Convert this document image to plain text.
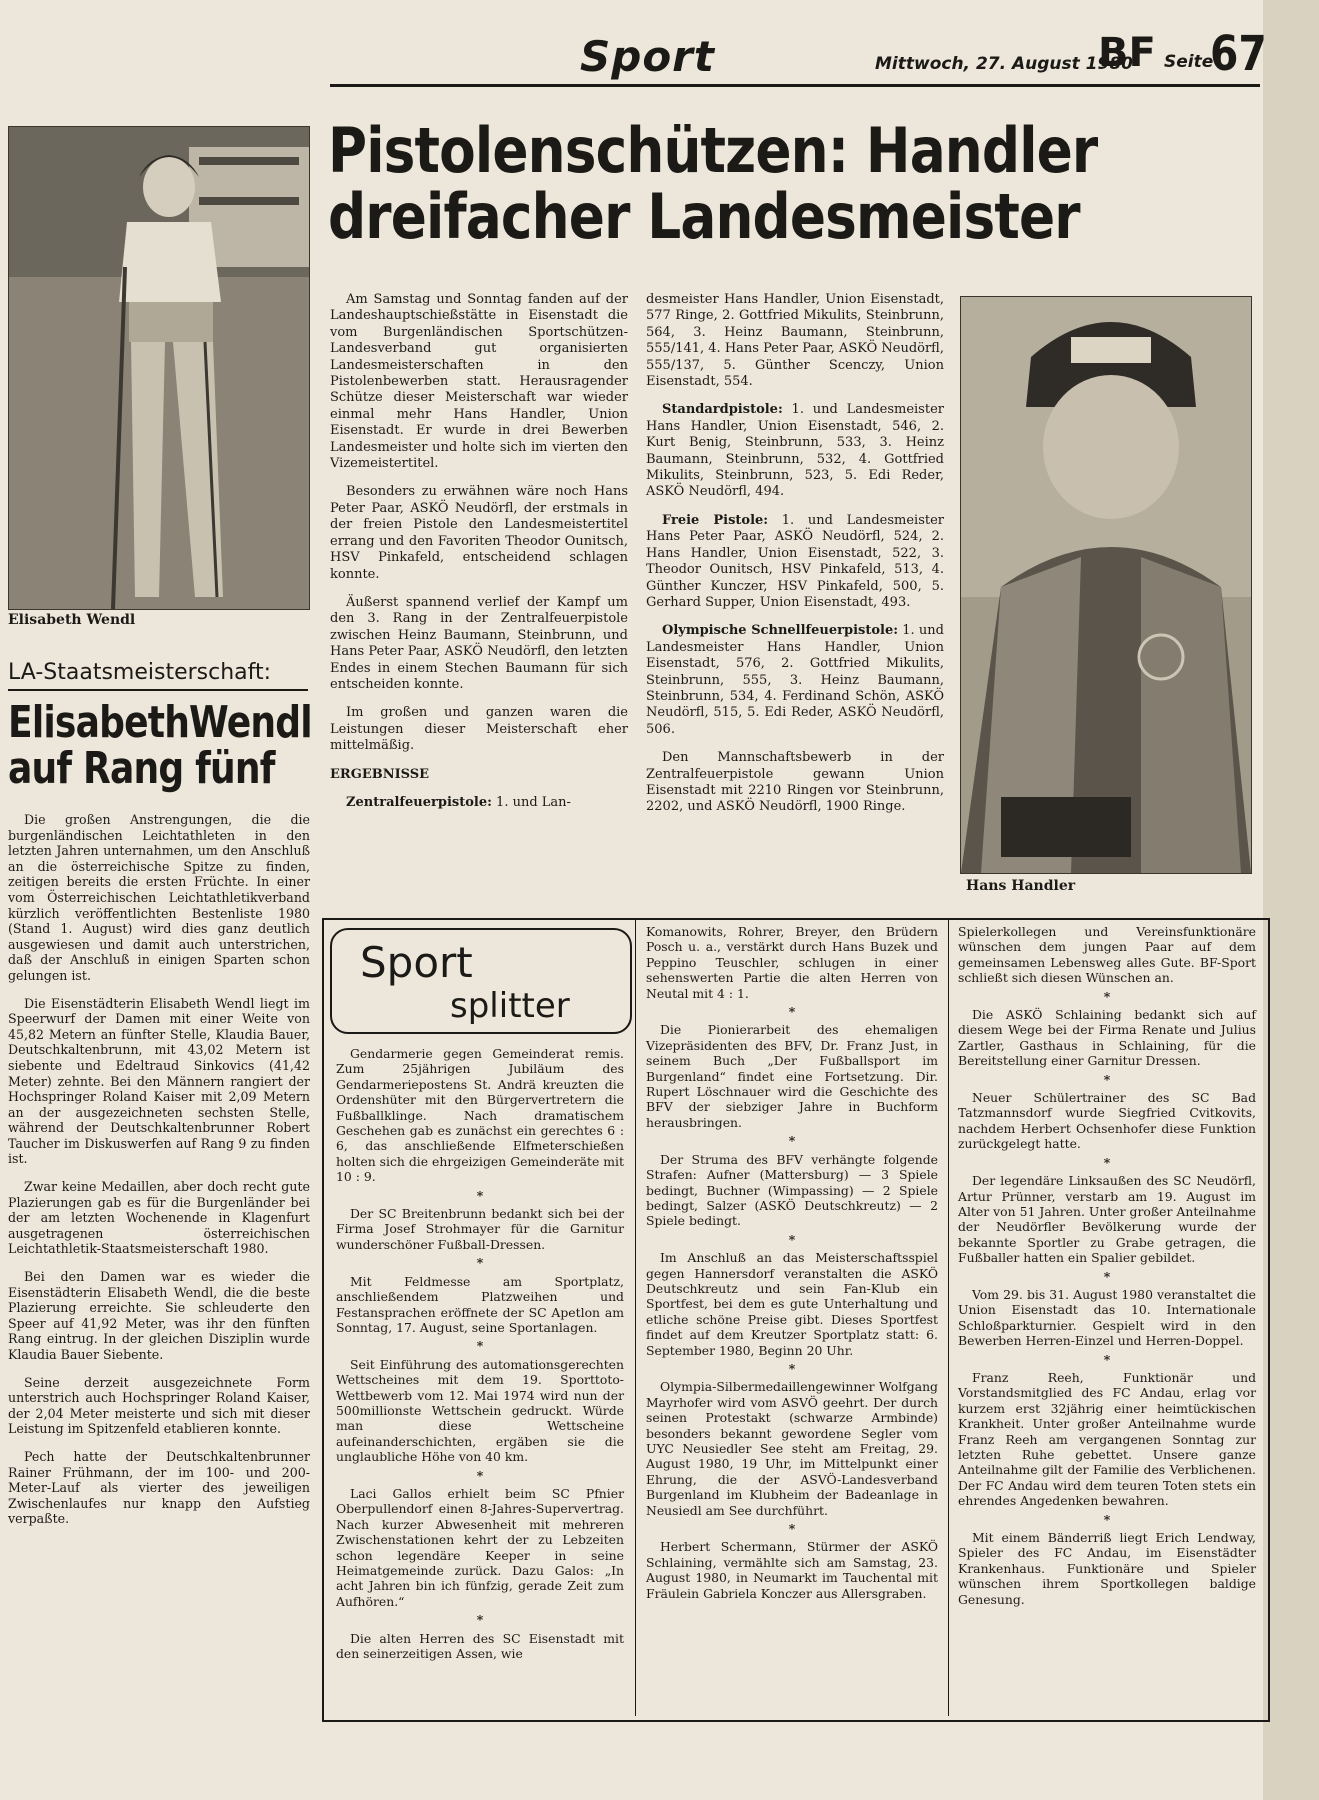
Sport	Mittwoch, 27. August 1980
BF Seite
67
Elisabeth Wendl
Pistolenschützen: Handler
dreifacher Landesmeister

Am Samstag und Sonntag fanden auf der Landeshauptschießstätte in Eisenstadt die vom Burgenländischen Sportschützen-Landesverband gut organisierten Landesmeisterschaften in den Pistolenbewerben statt. Herausragender Schütze dieser Meisterschaft war wieder einmal mehr Hans Handler, Union Eisenstadt. Er wurde in drei Bewerben Landesmeister und holte sich im vierten den Vizemeistertitel.

Besonders zu erwähnen wäre noch Hans Peter Paar, ASKÖ Neudörfl, der erstmals in der freien Pistole den Landesmeistertitel errang und den Favoriten Theodor Ounitsch, HSV Pinkafeld, entscheidend schlagen konnte.

Äußerst spannend verlief der Kampf um den 3. Rang in der Zentralfeuerpistole zwischen Heinz Baumann, Steinbrunn, und Hans Peter Paar, ASKÖ Neudörfl, den letzten Endes in einem Stechen Baumann für sich entscheiden konnte.

Im großen und ganzen waren die Leistungen dieser Meisterschaft eher mittelmäßig.

ERGEBNISSE

Zentralfeuerpistole: 1. und Lan-

desmeister Hans Handler, Union Eisenstadt, 577 Ringe, 2. Gottfried Mikulits, Steinbrunn, 564, 3. Heinz Baumann, Steinbrunn, 555/141, 4. Hans Peter Paar, ASKÖ Neudörfl, 555/137, 5. Günther Scenczy, Union Eisenstadt, 554.

Standardpistole: 1. und Landesmeister Hans Handler, Union Eisenstadt, 546, 2. Kurt Benig, Steinbrunn, 533, 3. Heinz Baumann, Steinbrunn, 532, 4. Gottfried Mikulits, Steinbrunn, 523, 5. Edi Reder, ASKÖ Neudörfl, 494.

Freie Pistole: 1. und Landesmeister Hans Peter Paar, ASKÖ Neudörfl, 524, 2. Hans Handler, Union Eisenstadt, 522, 3. Theodor Ounitsch, HSV Pinkafeld, 513, 4. Günther Kunczer, HSV Pinkafeld, 500, 5. Gerhard Supper, Union Eisenstadt, 493.

Olympische Schnellfeuerpistole: 1. und Landesmeister Hans Handler, Union Eisenstadt, 576, 2. Gottfried Mikulits, Steinbrunn, 555, 3. Heinz Baumann, Steinbrunn, 534, 4. Ferdinand Schön, ASKÖ Neudörfl, 515, 5. Edi Reder, ASKÖ Neudörfl, 506.

Den Mannschaftsbewerb in der Zentralfeuerpistole gewann Union Eisenstadt mit 2210 Ringen vor Steinbrunn, 2202, und ASKÖ Neudörfl, 1900 Ringe.

Hans Handler
LA-Staatsmeisterschaft:
ElisabethWendl
auf Rang fünf

Die großen Anstrengungen, die die burgenländischen Leichtathleten in den letzten Jahren unternahmen, um den Anschluß an die österreichische Spitze zu finden, zeitigen bereits die ersten Früchte. In einer vom Österreichischen Leichtathletikverband kürzlich veröffentlichten Bestenliste 1980 (Stand 1. August) wird dies ganz deutlich ausgewiesen und damit auch unterstrichen, daß der Anschluß in einigen Sparten schon gelungen ist.

Die Eisenstädterin Elisabeth Wendl liegt im Speerwurf der Damen mit einer Weite von 45,82 Metern an fünfter Stelle, Klaudia Bauer, Deutschkaltenbrunn, mit 43,02 Metern ist siebente und Edeltraud Sinkovics (41,42 Meter) zehnte. Bei den Männern rangiert der Hochspringer Roland Kaiser mit 2,09 Metern an der ausgezeichneten sechsten Stelle, während der Deutschkaltenbrunner Robert Taucher im Diskuswerfen auf Rang 9 zu finden ist.

Zwar keine Medaillen, aber doch recht gute Plazierungen gab es für die Burgenländer bei der am letzten Wochenende in Klagenfurt ausgetragenen österreichischen Leichtathletik-Staatsmeisterschaft 1980.

Bei den Damen war es wieder die Eisenstädterin Elisabeth Wendl, die die beste Plazierung erreichte. Sie schleuderte den Speer auf 41,92 Meter, was ihr den fünften Rang eintrug. In der gleichen Disziplin wurde Klaudia Bauer Siebente.

Seine derzeit ausgezeichnete Form unterstrich auch Hochspringer Roland Kaiser, der 2,04 Meter meisterte und sich mit dieser Leistung im Spitzenfeld etablieren konnte.

Pech hatte der Deutschkaltenbrunner Rainer Frühmann, der im 100- und 200- Meter-Lauf als vierter des jeweiligen Zwischenlaufes nur knapp den Aufstieg verpaßte.

Sport
splitter

Gendarmerie gegen Gemeinderat remis. Zum 25jährigen Jubiläum des Gendarmeriepostens St. Andrä kreuzten die Ordenshüter mit den Bürgervertretern die Fußballklinge. Nach dramatischem Geschehen gab es zunächst ein gerechtes 6 : 6, das anschließende Elfmeterschießen holten sich die ehrgeizigen Gemeinderäte mit 10 : 9.

*

Der SC Breitenbrunn bedankt sich bei der Firma Josef Strohmayer für die Garnitur wunderschöner Fußball-Dressen.

*

Mit Feldmesse am Sportplatz, anschließendem Platzweihen und Festansprachen eröffnete der SC Apetlon am Sonntag, 17. August, seine Sportanlagen.

*

Seit Einführung des automationsgerechten Wettscheines mit dem 19. Sporttoto-Wettbewerb vom 12. Mai 1974 wird nun der 500millionste Wettschein gedruckt. Würde man diese Wettscheine aufeinanderschichten, ergäben sie die unglaubliche Höhe von 40 km.

*

Laci Gallos erhielt beim SC Pfnier Oberpullendorf einen 8-Jahres-Supervertrag. Nach kurzer Abwesenheit mit mehreren Zwischenstationen kehrt der zu Lebzeiten schon legendäre Keeper in seine Heimatgemeinde zurück. Dazu Galos: „In acht Jahren bin ich fünfzig, gerade Zeit zum Aufhören.“

*

Die alten Herren des SC Eisenstadt mit den seinerzeitigen Assen, wie

Komanowits, Rohrer, Breyer, den Brüdern Posch u. a., verstärkt durch Hans Buzek und Peppino Teuschler, schlugen in einer sehenswerten Partie die alten Herren von Neutal mit 4 : 1.

*

Die Pionierarbeit des ehemaligen Vizepräsidenten des BFV, Dr. Franz Just, in seinem Buch „Der Fußballsport im Burgenland“ findet eine Fortsetzung. Dir. Rupert Löschnauer wird die Geschichte des BFV der siebziger Jahre in Buchform herausbringen.

*

Der Struma des BFV verhängte folgende Strafen: Aufner (Mattersburg) — 3 Spiele bedingt, Buchner (Wimpassing) — 2 Spiele bedingt, Salzer (ASKÖ Deutschkreutz) — 2 Spiele bedingt.

*

Im Anschluß an das Meisterschaftsspiel gegen Hannersdorf veranstalten die ASKÖ Deutschkreutz und sein Fan-Klub ein Sportfest, bei dem es gute Unterhaltung und etliche schöne Preise gibt. Dieses Sportfest findet auf dem Kreutzer Sportplatz statt: 6. September 1980, Beginn 20 Uhr.

*

Olympia-Silbermedaillengewinner Wolfgang Mayrhofer wird vom ASVÖ geehrt. Der durch seinen Protestakt (schwarze Armbinde) besonders bekannt gewordene Segler vom UYC Neusiedler See steht am Freitag, 29. August 1980, 19 Uhr, im Mittelpunkt einer Ehrung, die der ASVÖ-Landesverband Burgenland im Klubheim der Badeanlage in Neusiedl am See durchführt.

*

Herbert Schermann, Stürmer der ASKÖ Schlaining, vermählte sich am Samstag, 23. August 1980, in Neumarkt im Tauchental mit Fräulein Gabriela Konczer aus Allersgraben.

Spielerkollegen und Vereinsfunktionäre wünschen dem jungen Paar auf dem gemeinsamen Lebensweg alles Gute. BF-Sport schließt sich diesen Wünschen an.

*

Die ASKÖ Schlaining bedankt sich auf diesem Wege bei der Firma Renate und Julius Zartler, Gasthaus in Schlaining, für die Bereitstellung einer Garnitur Dressen.

*

Neuer Schülertrainer des SC Bad Tatzmannsdorf wurde Siegfried Cvitkovits, nachdem Herbert Ochsenhofer diese Funktion zurückgelegt hatte.

*

Der legendäre Linksaußen des SC Neudörfl, Artur Prünner, verstarb am 19. August im Alter von 51 Jahren. Unter großer Anteilnahme der Neudörfler Bevölkerung wurde der bekannte Sportler zu Grabe getragen, die Fußballer hatten ein Spalier gebildet.

*

Vom 29. bis 31. August 1980 veranstaltet die Union Eisenstadt das 10. Internationale Schloßparkturnier. Gespielt wird in den Bewerben Herren-Einzel und Herren-Doppel.

*

Franz Reeh, Funktionär und Vorstandsmitglied des FC Andau, erlag vor kurzem erst 32jährig einer heimtückischen Krankheit. Unter großer Anteilnahme wurde Franz Reeh am vergangenen Sonntag zur letzten Ruhe gebettet. Unsere ganze Anteilnahme gilt der Familie des Verblichenen. Der FC Andau wird dem teuren Toten stets ein ehrendes Angedenken bewahren.

*

Mit einem Bänderriß liegt Erich Lendway, Spieler des FC Andau, im Eisenstädter Krankenhaus. Funktionäre und Spieler wünschen ihrem Sportkollegen baldige Genesung.
